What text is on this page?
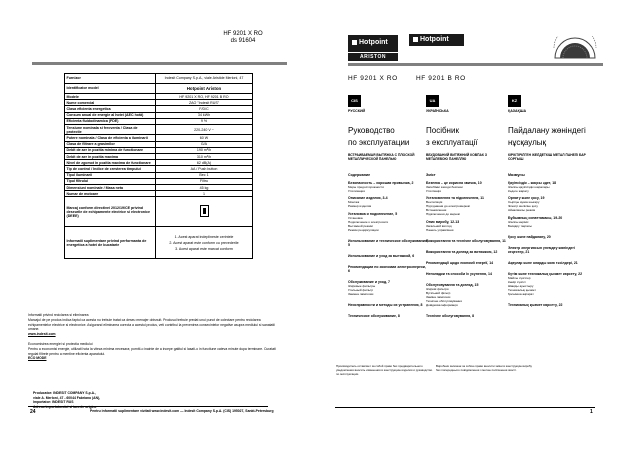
HF 9201 X RO
ds 91604
Furnizor	Indesit Company S.p.A., viale Aristide Merloni, 47
Identificator model	Hotpoint Ariston
Modele	HF 9201 X RO, HF 9201 B RO
Nume comercial	ZAO "Indesit RUS"
Clasa eficienta energetica	F/D/C
Consum anual de energie al hotei (AEC hotă)	34 kWh
Eficienta fluidodinamica (FDE)	9 %
Tensiune nominala si frecventa / Clasa de protectie	220-240 V ~
Putere nominala / Clasa de eficienta a iluminarii	60 W
Clasa de filtrare a grasimilor	G/A
Debit de aer in pozitia minima de functionare	190 m³/h
Debit de aer in pozitia maxima	310 m³/h
Nivel de zgomot in pozitia maxima de functionare	62 dB(A)
Tip de control / Indice de cresterea timpului	AA / Push button
Tipul iluminarii	Bec 1
Tipul filtrului	Filtru
Dimensiuni nominale / Masa neta	45 kg
Numar de motoare	1
Marcaj conform directivei 2012/19/CE privind deseurile de echipamente electrice si electronice (DEEE)	
Informatii suplimentare privind performanta de energetica a hotei de bucatarie	1. Acest aparat indeplineste cerintele
2. Acest aparat este conform cu prevederile
3. Acest aparat este marcat conform
Informatii privind reciclarea si eliminarea
Marcajul de pe produs indica faptul ca acesta nu trebuie tratat ca deseu menajer obisnuit. Produsul trebuie predat unui punct de colectare pentru reciclarea echipamentelor electrice si electronice. Asigurand eliminarea corecta a acestui produs, veti contribui la prevenirea consecintelor negative asupra mediului si sanatatii umane.
www.indesit.com
Economisirea energiei si protectia mediului
Pentru a economisi energie, utilizati hota la viteza minima necesara; porniti-o inainte de a incepe gatitul si lasati-o in functiune cateva minute dupa terminare. Curatati regulat filtrele pentru a mentine eficienta aparatului.
ECO MODE
Producator: INDESIT COMPANY S.p.A.,
viale A. Merloni, 47 - 60044 Fabriano (AN),
Importator: INDESIT RUS
24	Pentru informatii suplimentare vizitati www.indesit.com — Indesit Company S.p.A. (CIS) 195027, Sankt-Petersburg
Hotpoint
ARISTON
Hotpoint
HF 9201 X RO	HF 9201 B RO
CIS
РУССКИЙ
Руководство
по эксплуатации
ВСТРАИВАЕМАЯ ВЫТЯЖКА С ПЛОСКОЙ МЕТАЛЛИЧЕСКОЙ ПАНЕЛЬЮ
Содержание
Безопасность – хорошая привычка, 2
Меры предосторожности
Утилизация
Описание изделия, 3-4
Монтаж
Размер изделия
Установка и подключение, 5
Установка
Подключение к электросети
Вытяжной режим
Режим рециркуляции
Использование и техническое обслуживание, 5
Использование и уход за вытяжкой, 6
Рекомендации по экономии электроэнергии, 6
Обслуживание и уход, 7
Жировые фильтры
Угольный фильтр
Замена лампочки
Неисправности и методы их устранения, 8
Техническое обслуживание, 8
Производитель оставляет за собой право без предварительного уведомления вносить изменения в конструкцию изделия и руководство по эксплуатации.
UA
УКРАЇНСЬКА
Посібник
з експлуатації
ВБУДОВАНИЙ ВИТЯЖНИЙ КОВПАК З МЕТАЛЕВОЮ ПАНЕЛЛЮ
Зміст
Безпека – це корисна звичка, 10
Запобіжні заходи безпеки
Утилізація
Установлення та підключення, 11
Вентиляція
Під'єднання до електромережі
Встановлення
Підключення до мережі
Опис виробу, 12-13
Загальний вигляд
Панель управління
Використання та технічне обслуговування, 11
Використання та догляд за витяжкою, 12
Рекомендації щодо економії енергії, 14
Неполадки та способи їх усунення, 14
Обслуговування та догляд, 15
Жирові фільтри
Вугільний фільтр
Заміна лампочки
Технічне обслуговування
Довідкова інформація
Технічне обслуговування, 8
Виробник залишає за собою право вносити зміни в конструкцію виробу без попереднього повідомлення з метою поліпшення якості.
KZ
ҚАЗАҚША
Пайдалану жөніндегі
нұсқаулық
КІРІКТІРІЛГЕН ЖЕЛДЕТКІШ МЕТАЛ ПАНЕЛІ БАР СОРҒЫШ
Мазмұны
Қауіпсіздік – жақсы әдет, 18
Жалпы қауіпсіздік шаралары
Кәдеге жарату
Орнату және қосу, 19
Сыртқы ауаға шығару
Электр желісіне қосу
Айналмалы режим
Бұйымның сипаттамасы, 19-20
Жалпы көрініс
Басқару тақтасы
Қосу және пайдалану, 20
Электр энергиясын үнемдеу жөніндегі кеңестер, 21
Ақаулар және оларды жою тәсілдері, 21
Күтім және техникалық қызмет көрсету, 22
Майлы сүзгілер
Көмір сүзгісі
Шамды ауыстыру
Техникалық қызмет
Қосымша ақпарат
Техникалық қызмет көрсету, 22
1
